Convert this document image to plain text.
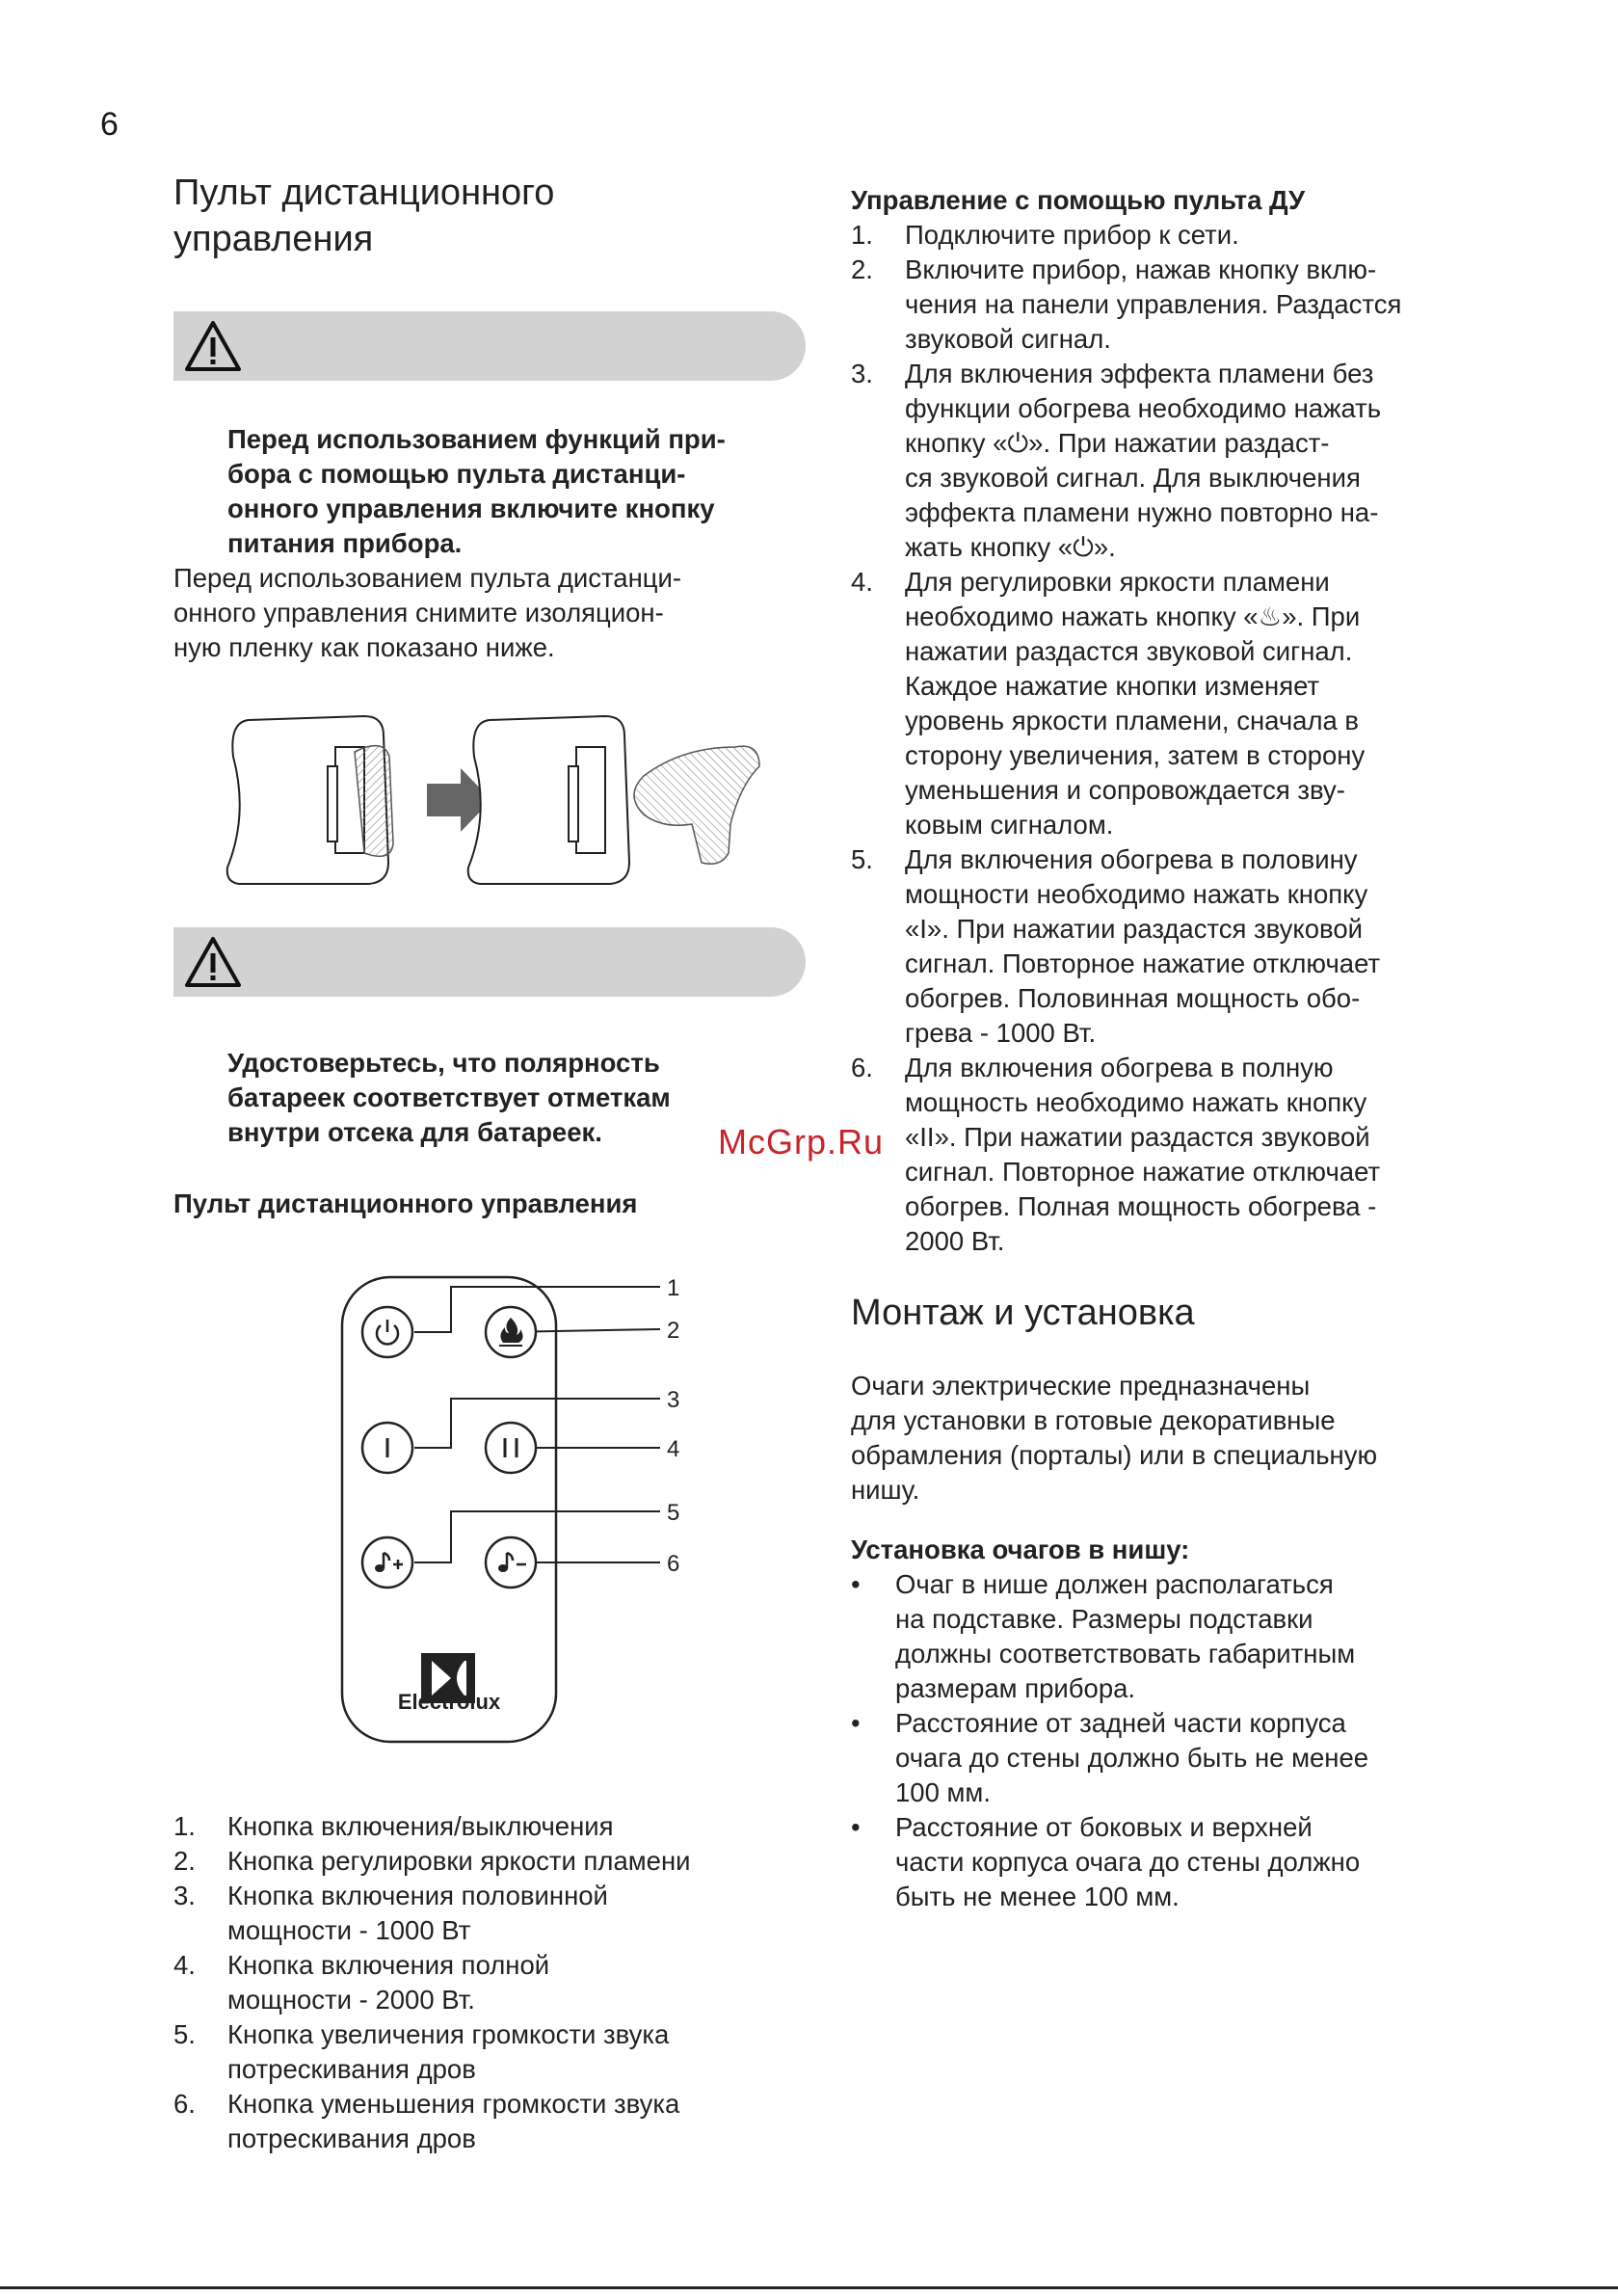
6
Пульт дистанционного
управления
Перед использованием функций при-
бора с помощью пульта дистанци-
онного управления включите кнопку
питания прибора.
Перед использованием пульта дистанци-
онного управления снимите изоляцион-
ную пленку как показано ниже.
Удостоверьтесь, что полярность
батареек соответствует отметкам
внутри отсека для батареек.
Пульт дистанционного управления
Electrolux
1
2
3
4
5
6
1. Кнопка включения/выключения
2. Кнопка регулировки яркости пламени
3. Кнопка включения половинной
мощности - 1000 Вт
4. Кнопка включения полной
мощности - 2000 Вт.
5. Кнопка увеличения громкости звука
потрескивания дров
6. Кнопка уменьшения громкости звука
потрескивания дров
Управление с помощью пульта ДУ
1. Подключите прибор к сети.
2. Включите прибор, нажав кнопку вклю-
чения на панели управления. Раздастся
звуковой сигнал.
3. Для включения эффекта пламени без
функции обогрева необходимо нажать
кнопку «⏻». При нажатии раздаст-
ся звуковой сигнал. Для выключения
эффекта пламени нужно повторно на-
жать кнопку «⏻».
4. Для регулировки яркости пламени
необходимо нажать кнопку «♨». При
нажатии раздастся звуковой сигнал.
Каждое нажатие кнопки изменяет
уровень яркости пламени, сначала в
сторону увеличения, затем в сторону
уменьшения и сопровождается зву-
ковым сигналом.
5. Для включения обогрева в половину
мощности необходимо нажать кнопку
«I». При нажатии раздастся звуковой
сигнал. Повторное нажатие отключает
обогрев. Половинная мощность обо-
грева - 1000 Вт.
6. Для включения обогрева в полную
мощность необходимо нажать кнопку
«II». При нажатии раздастся звуковой
сигнал. Повторное нажатие отключает
обогрев. Полная мощность обогрева -
2000 Вт.
Монтаж и установка
Очаги электрические предназначены
для установки в готовые декоративные
обрамления (порталы) или в специальную
нишу.
Установка очагов в нишу:
• Очаг в нише должен располагаться
на подставке. Размеры подставки
должны соответствовать габаритным
размерам прибора.
• Расстояние от задней части корпуса
очага до стены должно быть не менее
100 мм.
• Расстояние от боковых и верхней
части корпуса очага до стены должно
быть не менее 100 мм.
McGrp.Ru
